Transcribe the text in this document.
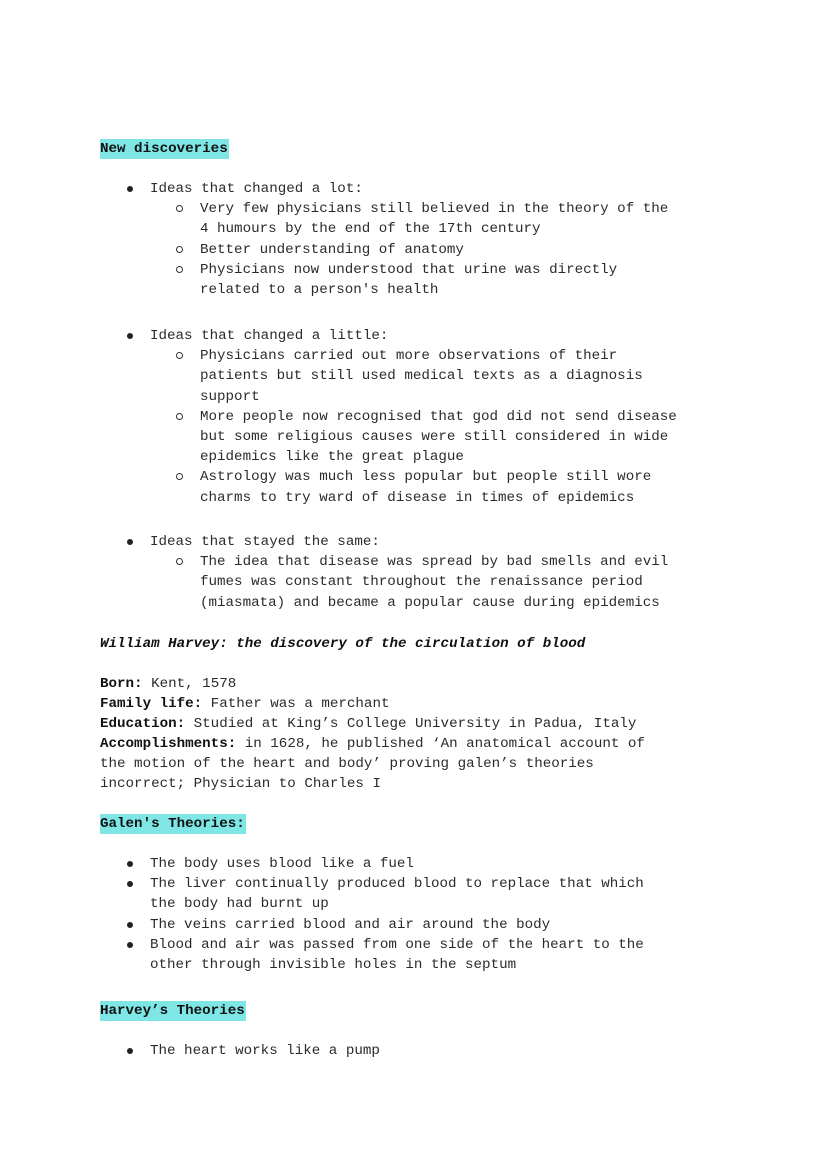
New discoveries
Ideas that changed a lot:
Very few physicians still believed in the theory of the
4 humours by the end of the 17th century
Better understanding of anatomy
Physicians now understood that urine was directly
related to a person's health
Ideas that changed a little:
Physicians carried out more observations of their
patients but still used medical texts as a diagnosis
support
More people now recognised that god did not send disease
but some religious causes were still considered in wide
epidemics like the great plague
Astrology was much less popular but people still wore
charms to try ward of disease in times of epidemics
Ideas that stayed the same:
The idea that disease was spread by bad smells and evil
fumes was constant throughout the renaissance period
(miasmata) and became a popular cause during epidemics
William Harvey: the discovery of the circulation of blood
Born: Kent, 1578
Family life: Father was a merchant
Education: Studied at King’s College University in Padua, Italy
Accomplishments: in 1628, he published ‘An anatomical account of
the motion of the heart and body’ proving galen’s theories
incorrect; Physician to Charles I
Galen's Theories:
The body uses blood like a fuel
The liver continually produced blood to replace that which
the body had burnt up
The veins carried blood and air around the body
Blood and air was passed from one side of the heart to the
other through invisible holes in the septum
Harvey’s Theories
The heart works like a pump
